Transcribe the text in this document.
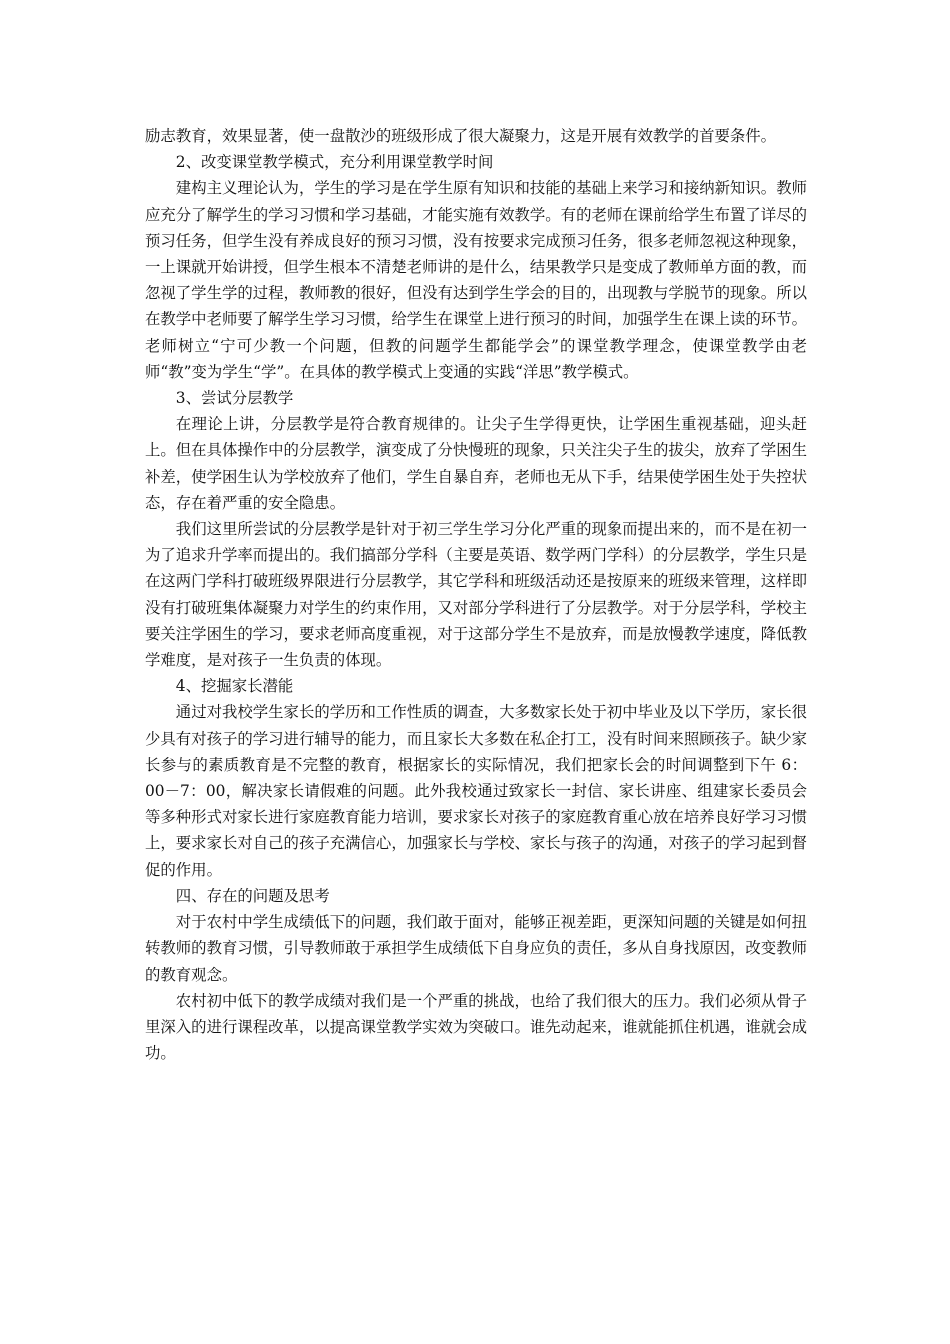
励志教育，效果显著，使一盘散沙的班级形成了很大凝聚力，这是开展有效教学的首要条件。

2、改变课堂教学模式，充分利用课堂教学时间

建构主义理论认为，学生的学习是在学生原有知识和技能的基础上来学习和接纳新知识。教师应充分了解学生的学习习惯和学习基础，才能实施有效教学。有的老师在课前给学生布置了详尽的预习任务，但学生没有养成良好的预习习惯，没有按要求完成预习任务，很多老师忽视这种现象，一上课就开始讲授，但学生根本不清楚老师讲的是什么，结果教学只是变成了教师单方面的教，而忽视了学生学的过程，教师教的很好，但没有达到学生学会的目的，出现教与学脱节的现象。所以在教学中老师要了解学生学习习惯，给学生在课堂上进行预习的时间，加强学生在课上读的环节。老师树立“宁可少教一个问题，但教的问题学生都能学会”的课堂教学理念，使课堂教学由老师“教”变为学生“学”。在具体的教学模式上变通的实践“洋思”教学模式。

3、尝试分层教学

在理论上讲，分层教学是符合教育规律的。让尖子生学得更快，让学困生重视基础，迎头赶上。但在具体操作中的分层教学，演变成了分快慢班的现象，只关注尖子生的拔尖，放弃了学困生补差，使学困生认为学校放弃了他们，学生自暴自弃，老师也无从下手，结果使学困生处于失控状态，存在着严重的安全隐患。

我们这里所尝试的分层教学是针对于初三学生学习分化严重的现象而提出来的，而不是在初一为了追求升学率而提出的。我们搞部分学科（主要是英语、数学两门学科）的分层教学，学生只是在这两门学科打破班级界限进行分层教学，其它学科和班级活动还是按原来的班级来管理，这样即没有打破班集体凝聚力对学生的约束作用，又对部分学科进行了分层教学。对于分层学科，学校主要关注学困生的学习，要求老师高度重视，对于这部分学生不是放弃，而是放慢教学速度，降低教学难度，是对孩子一生负责的体现。

4、挖掘家长潜能

通过对我校学生家长的学历和工作性质的调查，大多数家长处于初中毕业及以下学历，家长很少具有对孩子的学习进行辅导的能力，而且家长大多数在私企打工，没有时间来照顾孩子。缺少家长参与的素质教育是不完整的教育，根据家长的实际情况，我们把家长会的时间调整到下午 6：00－7：00，解决家长请假难的问题。此外我校通过致家长一封信、家长讲座、组建家长委员会等多种形式对家长进行家庭教育能力培训，要求家长对孩子的家庭教育重心放在培养良好学习习惯上，要求家长对自己的孩子充满信心，加强家长与学校、家长与孩子的沟通，对孩子的学习起到督促的作用。

四、存在的问题及思考

对于农村中学生成绩低下的问题，我们敢于面对，能够正视差距，更深知问题的关键是如何扭转教师的教育习惯，引导教师敢于承担学生成绩低下自身应负的责任，多从自身找原因，改变教师的教育观念。

农村初中低下的教学成绩对我们是一个严重的挑战，也给了我们很大的压力。我们必须从骨子里深入的进行课程改革，以提高课堂教学实效为突破口。谁先动起来，谁就能抓住机遇，谁就会成功。
